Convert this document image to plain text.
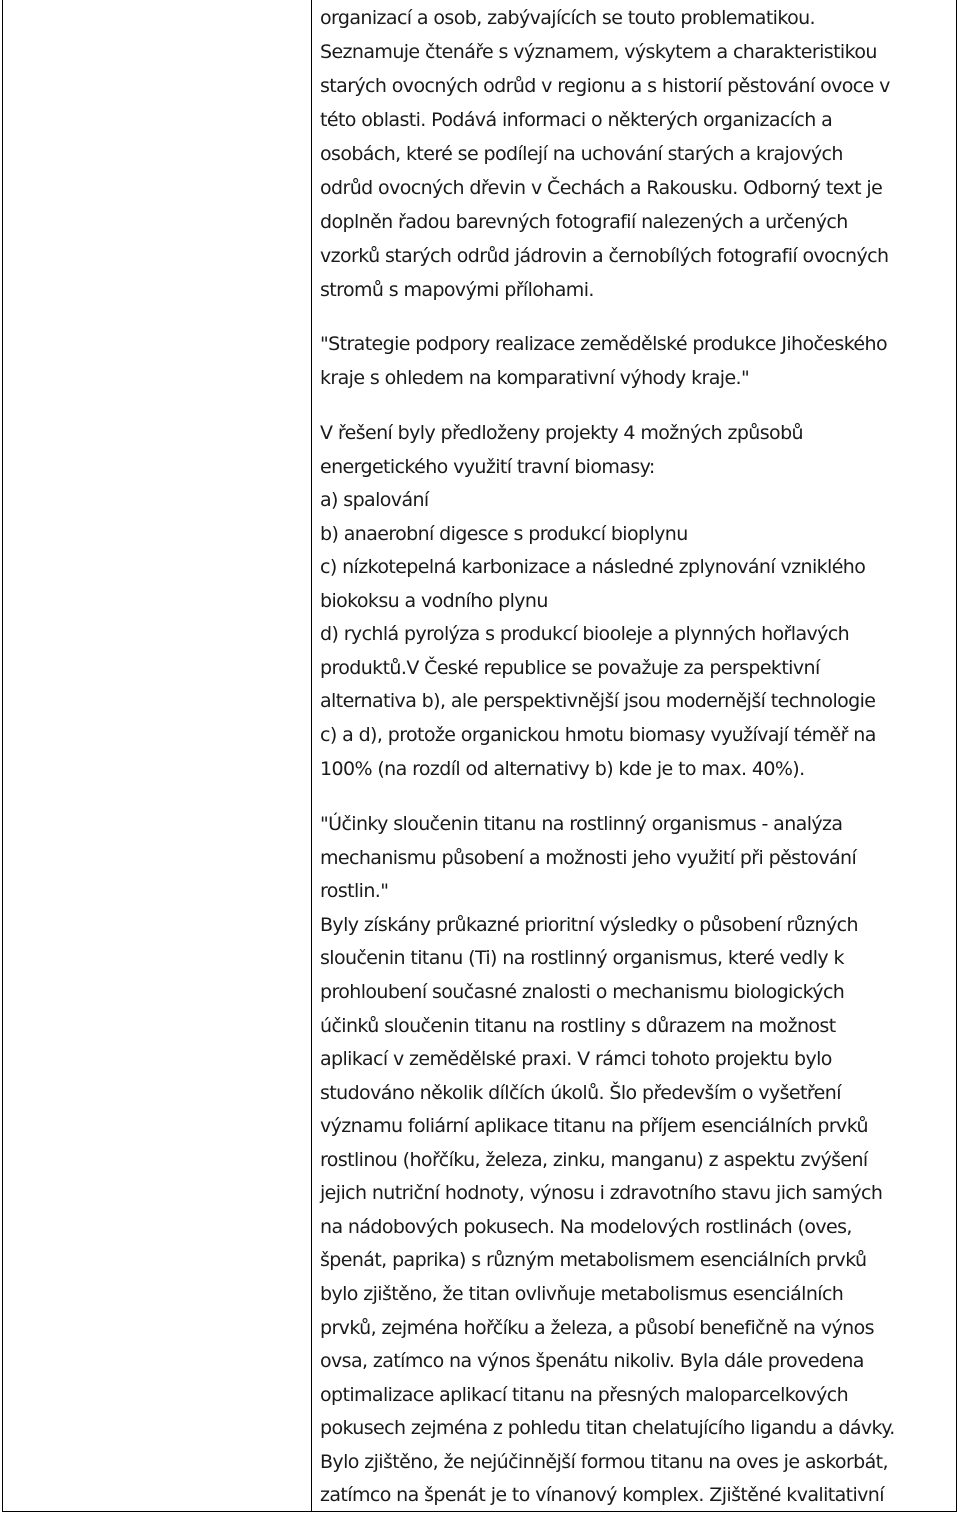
organizací a osob, zabývajících se touto problematikou.
Seznamuje čtenáře s významem, výskytem a charakteristikou
starých ovocných odrůd v regionu a s historií pěstování ovoce v
této oblasti. Podává informaci o některých organizacích a
osobách, které se podílejí na uchování starých a krajových
odrůd ovocných dřevin v Čechách a Rakousku. Odborný text je
doplněn řadou barevných fotografií nalezených a určených
vzorků starých odrůd jádrovin a černobílých fotografií ovocných
stromů s mapovými přílohami.
"Strategie podpory realizace zemědělské produkce Jihočeského
kraje s ohledem na komparativní výhody kraje."
V řešení byly předloženy projekty 4 možných způsobů
energetického využití travní biomasy:
a) spalování
b) anaerobní digesce s produkcí bioplynu
c) nízkotepelná karbonizace a následné zplynování vzniklého
biokoksu a vodního plynu
d) rychlá pyrolýza s produkcí biooleje a plynných hořlavých
produktů.V České republice se považuje za perspektivní
alternativa b), ale perspektivnější jsou modernější technologie
c) a d), protože organickou hmotu biomasy využívají téměř na
100% (na rozdíl od alternativy b) kde je to max. 40%).
"Účinky sloučenin titanu na rostlinný organismus - analýza
mechanismu působení a možnosti jeho využití při pěstování
rostlin."
Byly získány průkazné prioritní výsledky o působení různých
sloučenin titanu (Ti) na rostlinný organismus, které vedly k
prohloubení současné znalosti o mechanismu biologických
účinků sloučenin titanu na rostliny s důrazem na možnost
aplikací v zemědělské praxi. V rámci tohoto projektu bylo
studováno několik dílčích úkolů. Šlo především o vyšetření
významu foliární aplikace titanu na příjem esenciálních prvků
rostlinou (hořčíku, železa, zinku, manganu) z aspektu zvýšení
jejich nutriční hodnoty, výnosu i zdravotního stavu jich samých
na nádobových pokusech. Na modelových rostlinách (oves,
špenát, paprika) s různým metabolismem esenciálních prvků
bylo zjištěno, že titan ovlivňuje metabolismus esenciálních
prvků, zejména hořčíku a železa, a působí benefičně na výnos
ovsa, zatímco na výnos špenátu nikoliv. Byla dále provedena
optimalizace aplikací titanu na přesných maloparcelkových
pokusech zejména z pohledu titan chelatujícího ligandu a dávky.
Bylo zjištěno, že nejúčinnější formou titanu na oves je askorbát,
zatímco na špenát je to vínanový komplex. Zjištěné kvalitativní
